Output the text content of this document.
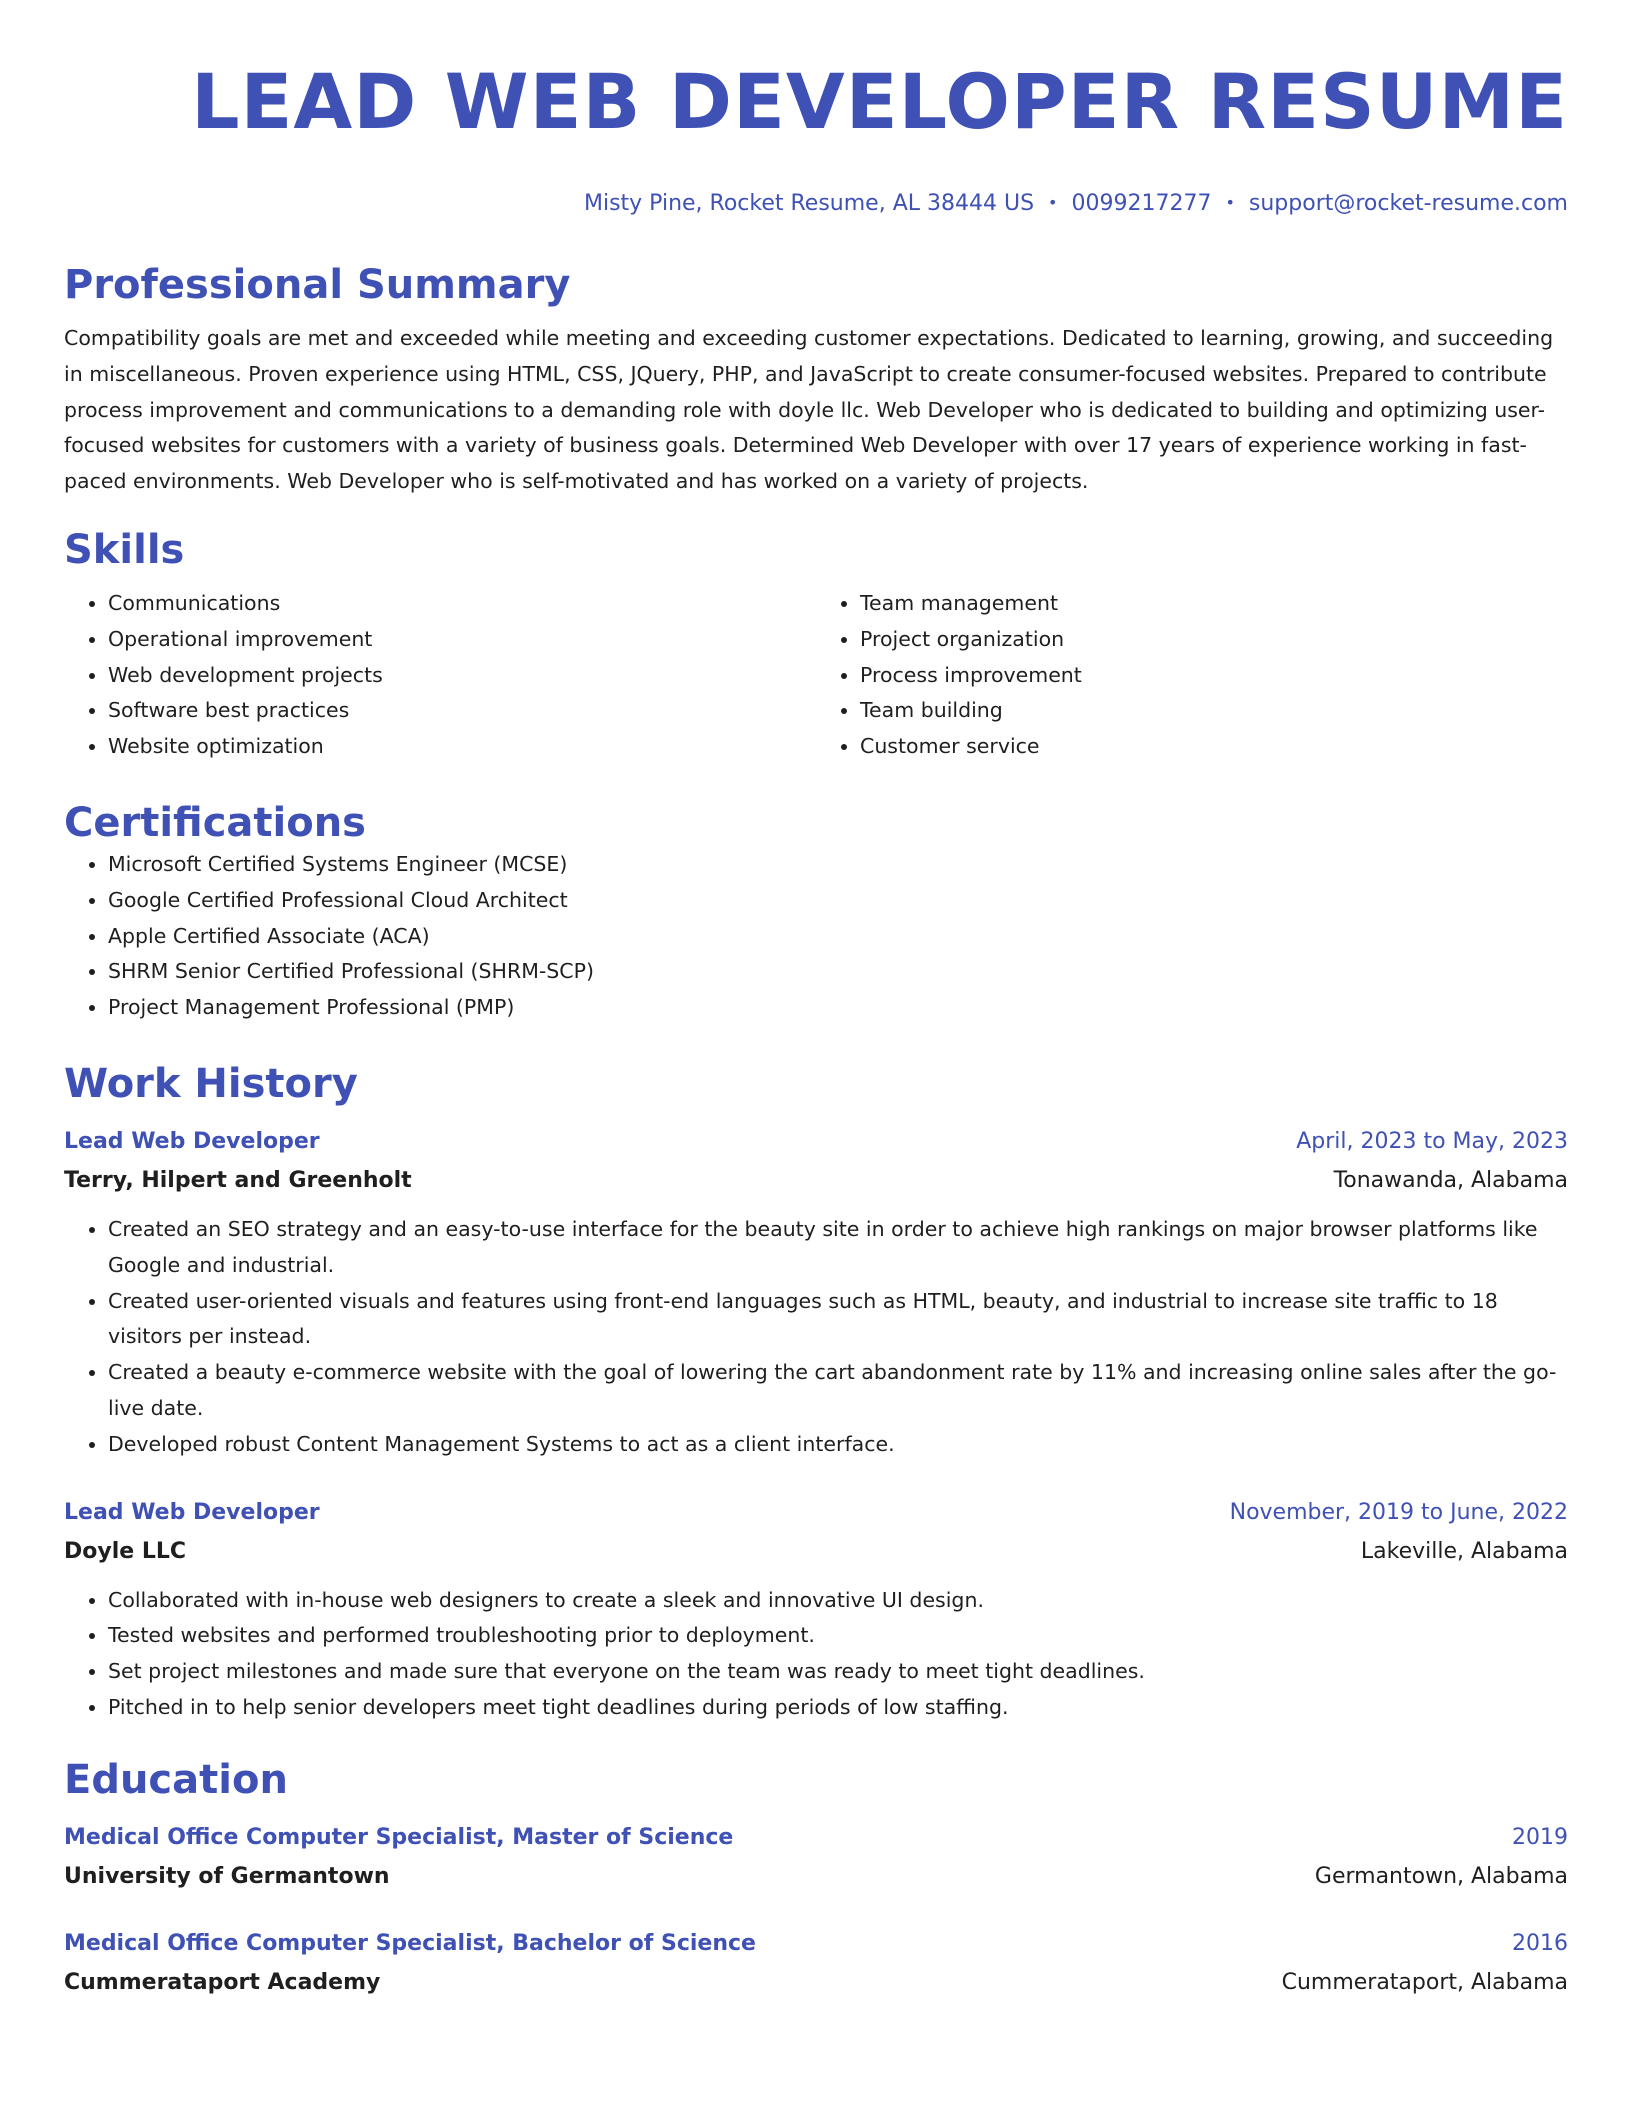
LEAD WEB DEVELOPER RESUME
Misty Pine, Rocket Resume, AL 38444 US • 0099217277 • support@rocket-resume.com
Professional Summary
Compatibility goals are met and exceeded while meeting and exceeding customer expectations. Dedicated to learning, growing, and succeeding in miscellaneous. Proven experience using HTML, CSS, JQuery, PHP, and JavaScript to create consumer-focused websites. Prepared to contribute process improvement and communications to a demanding role with doyle llc. Web Developer who is dedicated to building and optimizing user-focused websites for customers with a variety of business goals. Determined Web Developer with over 17 years of experience working in fast-paced environments. Web Developer who is self-motivated and has worked on a variety of projects.
Skills
• Communications
• Operational improvement
• Web development projects
• Software best practices
• Website optimization
• Team management
• Project organization
• Process improvement
• Team building
• Customer service
Certifications
• Microsoft Certified Systems Engineer (MCSE)
• Google Certified Professional Cloud Architect
• Apple Certified Associate (ACA)
• SHRM Senior Certified Professional (SHRM-SCP)
• Project Management Professional (PMP)
Work History
Lead Web Developer	April, 2023 to May, 2023
Terry, Hilpert and Greenholt	Tonawanda, Alabama
• Created an SEO strategy and an easy-to-use interface for the beauty site in order to achieve high rankings on major browser platforms like Google and industrial.
• Created user-oriented visuals and features using front-end languages such as HTML, beauty, and industrial to increase site traffic to 18 visitors per instead.
• Created a beauty e-commerce website with the goal of lowering the cart abandonment rate by 11% and increasing online sales after the go-live date.
• Developed robust Content Management Systems to act as a client interface.
Lead Web Developer	November, 2019 to June, 2022
Doyle LLC	Lakeville, Alabama
• Collaborated with in-house web designers to create a sleek and innovative UI design.
• Tested websites and performed troubleshooting prior to deployment.
• Set project milestones and made sure that everyone on the team was ready to meet tight deadlines.
• Pitched in to help senior developers meet tight deadlines during periods of low staffing.
Education
Medical Office Computer Specialist, Master of Science	2019
University of Germantown	Germantown, Alabama
Medical Office Computer Specialist, Bachelor of Science	2016
Cummerataport Academy	Cummerataport, Alabama
